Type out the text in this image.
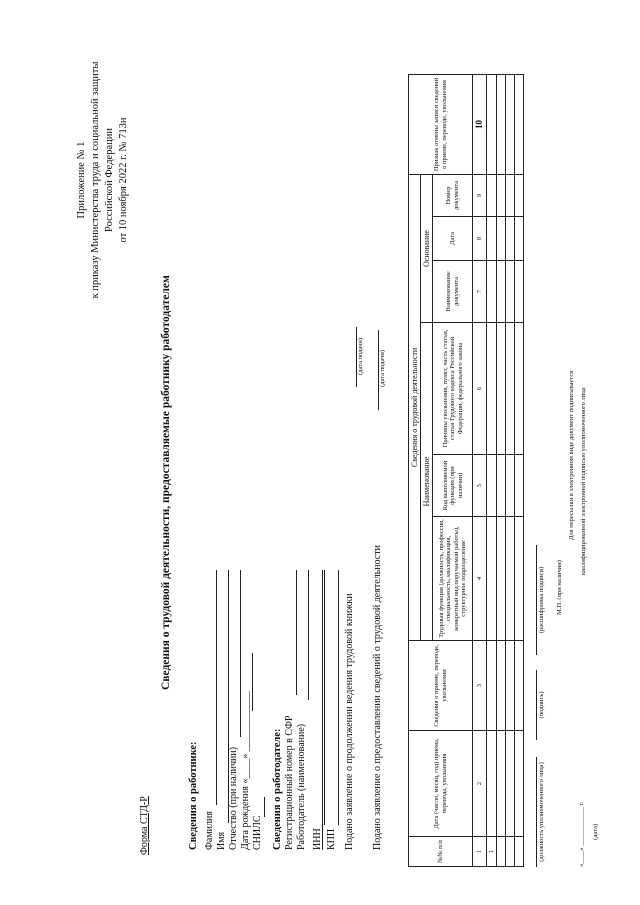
Приложение № 1 к приказу Министерства труда и социальной защиты Российской Федерации от 10 ноября 2022 г. № 713н
Форма СТД-Р
Сведения о трудовой деятельности, предоставляемые работнику работодателем
Сведения о работнике: Фамилия Имя Отчество (при наличии) Дата рождения «____» ____________ СНИЛС Сведения о работодателе: Регистрационный номер в СФР Работодатель (наименование) ИНН КПП Подано заявление о продолжении ведения трудовой книжки
(дата подачи)
Подано заявление о предоставлении сведений о трудовой деятельности
(дата подачи)
№№ п/п	Дата (число, месяц, год) приема, перевода, увольнения	Сведения о приеме, переводе, увольнении	Сведения о трудовой деятельности						Признак отмены записи сведений о приеме, переводе, увольнении
			Наименование			Основание			
			Трудовая функция (должность, профессия, специальность, квалификация, конкретный вид поручаемой работы), структурное подразделение	Код выполняемой функции (при наличии)	Причины увольнения, пункт, часть статьи, статья Трудового кодекса Российской Федерации, федерального закона	Наименование документа	Дата	Номер документа	
1	2	3	4	5	6	7	8	9	10
1									

										(должность уполномоченного лица)
(подпись)
(расшифровка подписи) М.П. (при наличии)
«____» ____________ г. (дата)
Для пересылки в электронном виде документ подписывается квалифицированной электронной подписью уполномоченного лица
